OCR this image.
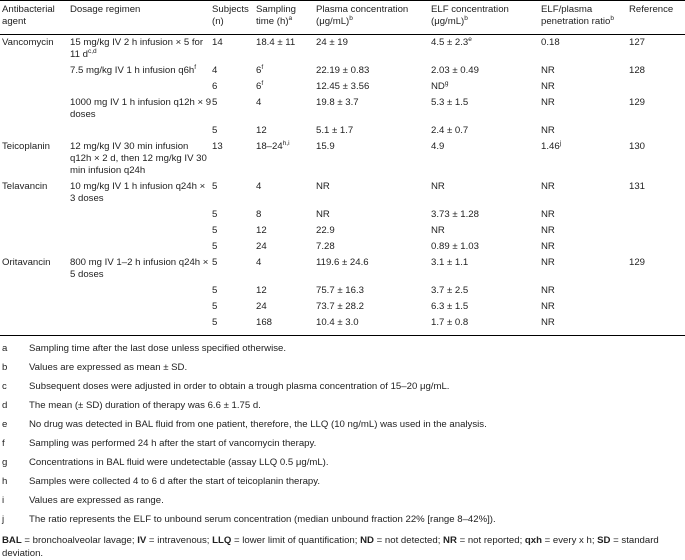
Antibacterial agent	Dosage regimen	Subjects (n)	Sampling time $(h)^a$	Plasma concentration $(\mu g/mL)^b$	ELF concentration $(\mu g/mL)^b$	ELF/plasma penetration ratio$^b$	Reference
Vancomycin	15 mg/kg IV 2 h infusion × 5 for 11 $d^{c,d}$	14	18.4 ± 11	24 ± 19	4.5 ± 2.3$^e$	0.18	127
	7.5 mg/kg IV 1 h infusion $q6h^f$	4	6$^f$	22.19 ± 0.83	2.03 ± 0.49	NR	128
		6	6$^f$	12.45 ± 3.56	$ND^g$	NR	
	1000 mg IV 1 h infusion q12h × 9 doses	5	4	19.8 ± 3.7	5.3 ± 1.5	NR	129
		5	12	5.1 ± 1.7	2.4 ± 0.7	NR	
Teicoplanin	12 mg/kg IV 30 min infusion q12h × 2 d, then 12 mg/kg IV 30 min infusion q24h	13	18–24$^{h,i}$	15.9	4.9	1.46$^j$	130
Telavancin	10 mg/kg IV 1 h infusion q24h × 3 doses	5	4	NR	NR	NR	131
		5	8	NR	3.73 ± 1.28	NR	
		5	12	22.9	NR	NR	
		5	24	7.28	0.89 ± 1.03	NR	
Oritavancin	800 mg IV 1–2 h infusion q24h × 5 doses	5	4	119.6 ± 24.6	3.1 ± 1.1	NR	129
		5	12	75.7 ± 16.3	3.7 ± 2.5	NR	
		5	24	73.7 ± 28.2	6.3 ± 1.5	NR	
		5	168	10.4 ± 3.0	1.7 ± 0.8	NR	
a	Sampling time after the last dose unless specified otherwise.
b	Values are expressed as mean ± SD.
c	Subsequent doses were adjusted in order to obtain a trough plasma concentration of 15–20 μg/mL.
d	The mean (± SD) duration of therapy was 6.6 ± 1.75 d.
e	No drug was detected in BAL fluid from one patient, therefore, the LLQ (10 ng/mL) was used in the analysis.
f	Sampling was performed 24 h after the start of vancomycin therapy.
g	Concentrations in BAL fluid were undetectable (assay LLQ 0.5 μg/mL).
h	Samples were collected 4 to 6 d after the start of teicoplanin therapy.
i	Values are expressed as range.
j	The ratio represents the ELF to unbound serum concentration (median unbound fraction 22% [range 8–42%]).
BAL = bronchoalveolar lavage; IV = intravenous; LLQ = lower limit of quantification; ND = not detected; NR = not reported; qxh = every x h; SD = standard deviation.
